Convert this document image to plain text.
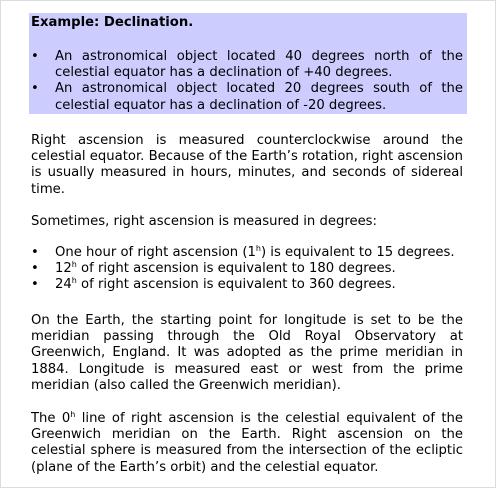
Example: Declination.
• An astronomical object located 40 degrees north of the celestial equator has a declination of +40 degrees.
• An astronomical object located 20 degrees south of the celestial equator has a declination of -20 degrees.
Right ascension is measured counterclockwise around the celestial equator. Because of the Earth’s rotation, right ascension is usually measured in hours, minutes, and seconds of sidereal time.
Sometimes, right ascension is measured in degrees:
• One hour of right ascension (1$^h$) is equivalent to 15 degrees.
• 12$^h$ of right ascension is equivalent to 180 degrees.
• 24$^h$ of right ascension is equivalent to 360 degrees.
On the Earth, the starting point for longitude is set to be the meridian passing through the Old Royal Observatory at Greenwich, England. It was adopted as the prime meridian in 1884. Longitude is measured east or west from the prime meridian (also called the Greenwich meridian).
The 0$^h$ line of right ascension is the celestial equivalent of the Greenwich meridian on the Earth. Right ascension on the celestial sphere is measured from the intersection of the ecliptic (plane of the Earth’s orbit) and the celestial equator.
